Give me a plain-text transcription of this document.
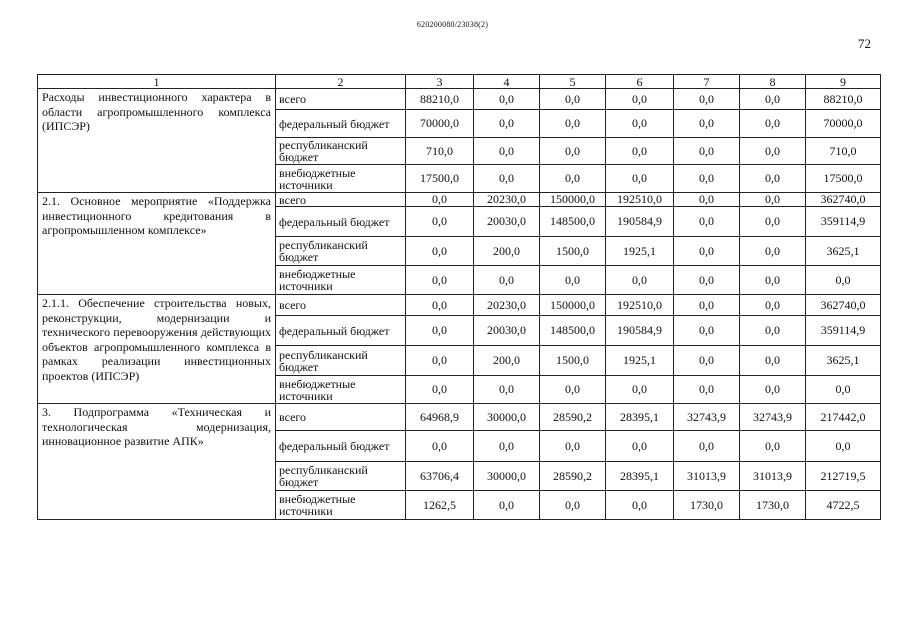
620200080/23038(2)
72
1	2	3	4	5	6	7	8	9
Расходы инвестиционного характера в области агропромышленного комплекса (ИПСЭР)	всего	88210,0	0,0	0,0	0,0	0,0	0,0	88210,0
	федеральный бюджет	70000,0	0,0	0,0	0,0	0,0	0,0	70000,0
	республиканский бюджет	710,0	0,0	0,0	0,0	0,0	0,0	710,0
	внебюджетные источники	17500,0	0,0	0,0	0,0	0,0	0,0	17500,0
2.1. Основное мероприятие «Поддержка инвестиционного кредитования в агропромышленном комплексе»	всего	0,0	20230,0	150000,0	192510,0	0,0	0,0	362740,0
	федеральный бюджет	0,0	20030,0	148500,0	190584,9	0,0	0,0	359114,9
	республиканский бюджет	0,0	200,0	1500,0	1925,1	0,0	0,0	3625,1
	внебюджетные источники	0,0	0,0	0,0	0,0	0,0	0,0	0,0
2.1.1. Обеспечение строительства новых, реконструкции, модернизации и технического перевооружения действующих объектов агропромышленного комплекса в рамках реализации инвестиционных проектов (ИПСЭР)	всего	0,0	20230,0	150000,0	192510,0	0,0	0,0	362740,0
	федеральный бюджет	0,0	20030,0	148500,0	190584,9	0,0	0,0	359114,9
	республиканский бюджет	0,0	200,0	1500,0	1925,1	0,0	0,0	3625,1
	внебюджетные источники	0,0	0,0	0,0	0,0	0,0	0,0	0,0
3. Подпрограмма «Техническая и технологическая модернизация, инновационное развитие АПК»	всего	64968,9	30000,0	28590,2	28395,1	32743,9	32743,9	217442,0
	федеральный бюджет	0,0	0,0	0,0	0,0	0,0	0,0	0,0
	республиканский бюджет	63706,4	30000,0	28590,2	28395,1	31013,9	31013,9	212719,5
	внебюджетные источники	1262,5	0,0	0,0	0,0	1730,0	1730,0	4722,5
